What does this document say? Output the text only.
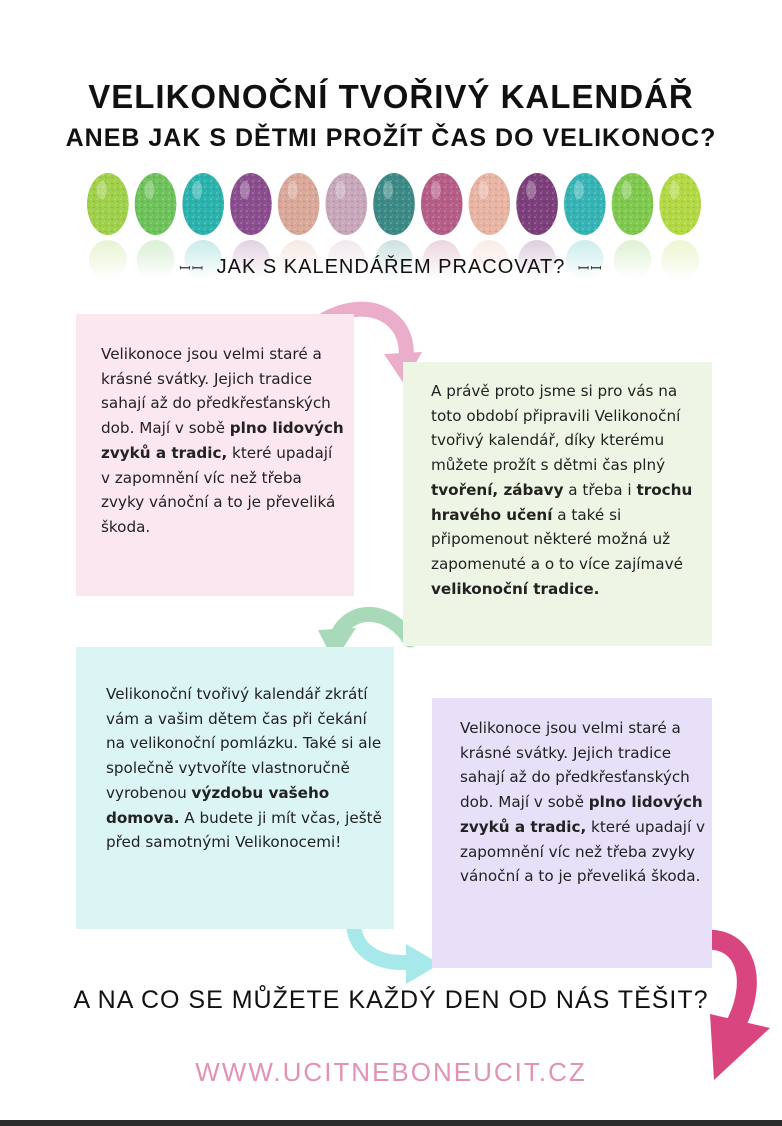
VELIKONOČNÍ TVOŘIVÝ KALENDÁŘ
ANEB JAK S DĚTMI PROŽÍT ČAS DO VELIKONOC?
ꟷꟷ JAK S KALENDÁŘEM PRACOVAT? ꟷꟷ

Velikonoce jsou velmi staré a krásné svátky. Jejich tradice sahají až do předkřesťanských dob. Mají v sobě plno lidových zvyků a tradic, které upadají v zapomnění víc než třeba zvyky vánoční a to je převeliká škoda.

A právě proto jsme si pro vás na toto období připravili Velikonoční tvořivý kalendář, díky kterému můžete prožít s dětmi čas plný tvoření, zábavy a třeba i trochu hravého učení a také si připomenout některé možná už zapomenuté a o to více zajímavé velikonoční tradice.

Velikonoční tvořivý kalendář zkrátí vám a vašim dětem čas při čekání na velikonoční pomlázku. Také si ale společně vytvoříte vlastnoručně vyrobenou výzdobu vašeho domova. A budete ji mít včas, ještě před samotnými Velikonocemi!

Velikonoce jsou velmi staré a krásné svátky. Jejich tradice sahají až do předkřesťanských dob. Mají v sobě plno lidových zvyků a tradic, které upadají v zapomnění víc než třeba zvyky vánoční a to je převeliká škoda.

A NA CO SE MŮŽETE KAŽDÝ DEN OD NÁS TĚŠIT?
WWW.UCITNEBONEUCIT.CZ
